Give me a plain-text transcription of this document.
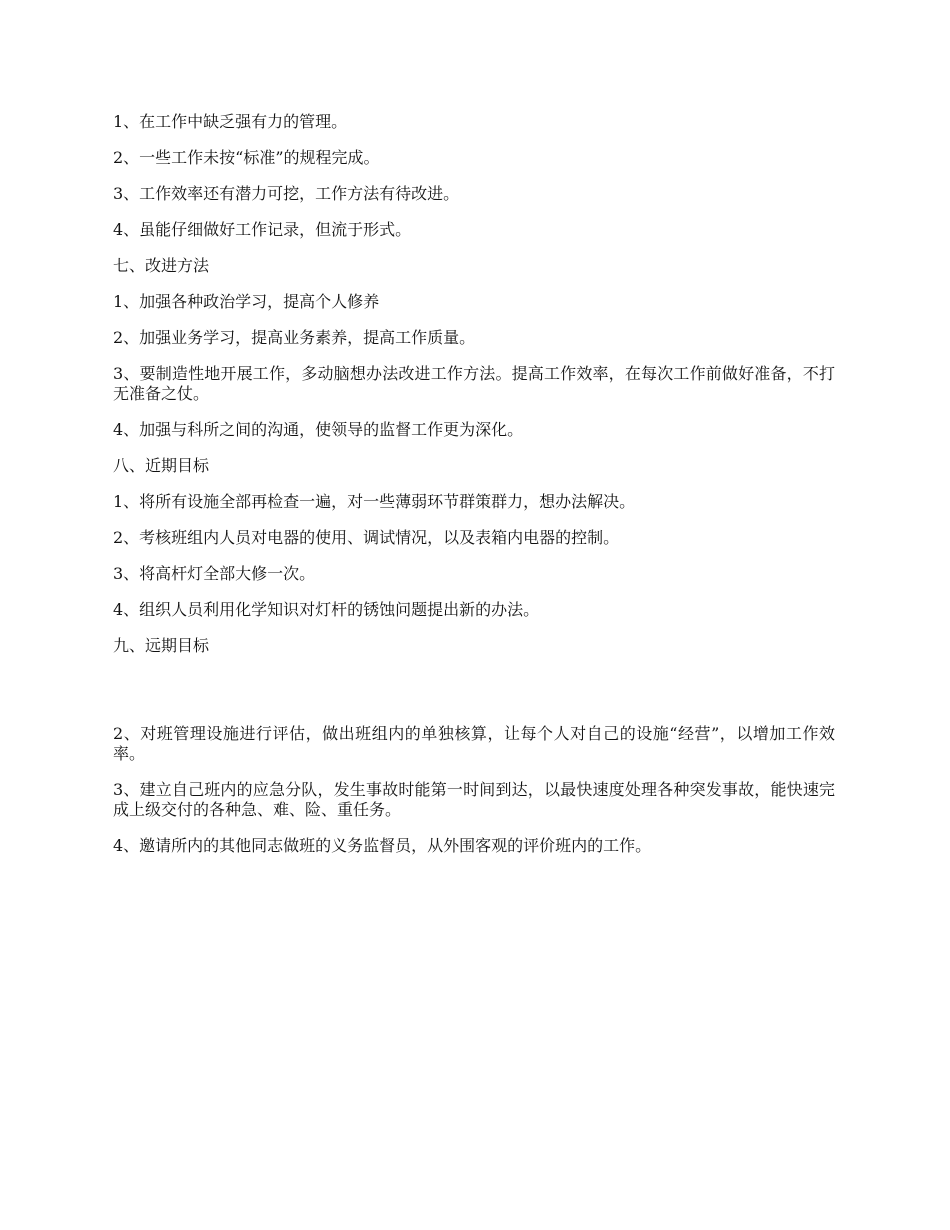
1、在工作中缺乏强有力的管理。

2、一些工作未按“标准”的规程完成。

3、工作效率还有潜力可挖，工作方法有待改进。

4、虽能仔细做好工作记录，但流于形式。

七、改进方法

1、加强各种政治学习，提高个人修养

2、加强业务学习，提高业务素养，提高工作质量。

3、要制造性地开展工作，多动脑想办法改进工作方法。提高工作效率，在每次工作前做好准备，不打无准备之仗。

4、加强与科所之间的沟通，使领导的监督工作更为深化。

八、近期目标

1、将所有设施全部再检查一遍，对一些薄弱环节群策群力，想办法解决。

2、考核班组内人员对电器的使用、调试情况，以及表箱内电器的控制。

3、将高杆灯全部大修一次。

4、组织人员利用化学知识对灯杆的锈蚀问题提出新的办法。

九、远期目标

2、对班管理设施进行评估，做出班组内的单独核算，让每个人对自己的设施“经营”，以增加工作效率。

3、建立自己班内的应急分队，发生事故时能第一时间到达，以最快速度处理各种突发事故，能快速完成上级交付的各种急、难、险、重任务。

4、邀请所内的其他同志做班的义务监督员，从外围客观的评价班内的工作。
